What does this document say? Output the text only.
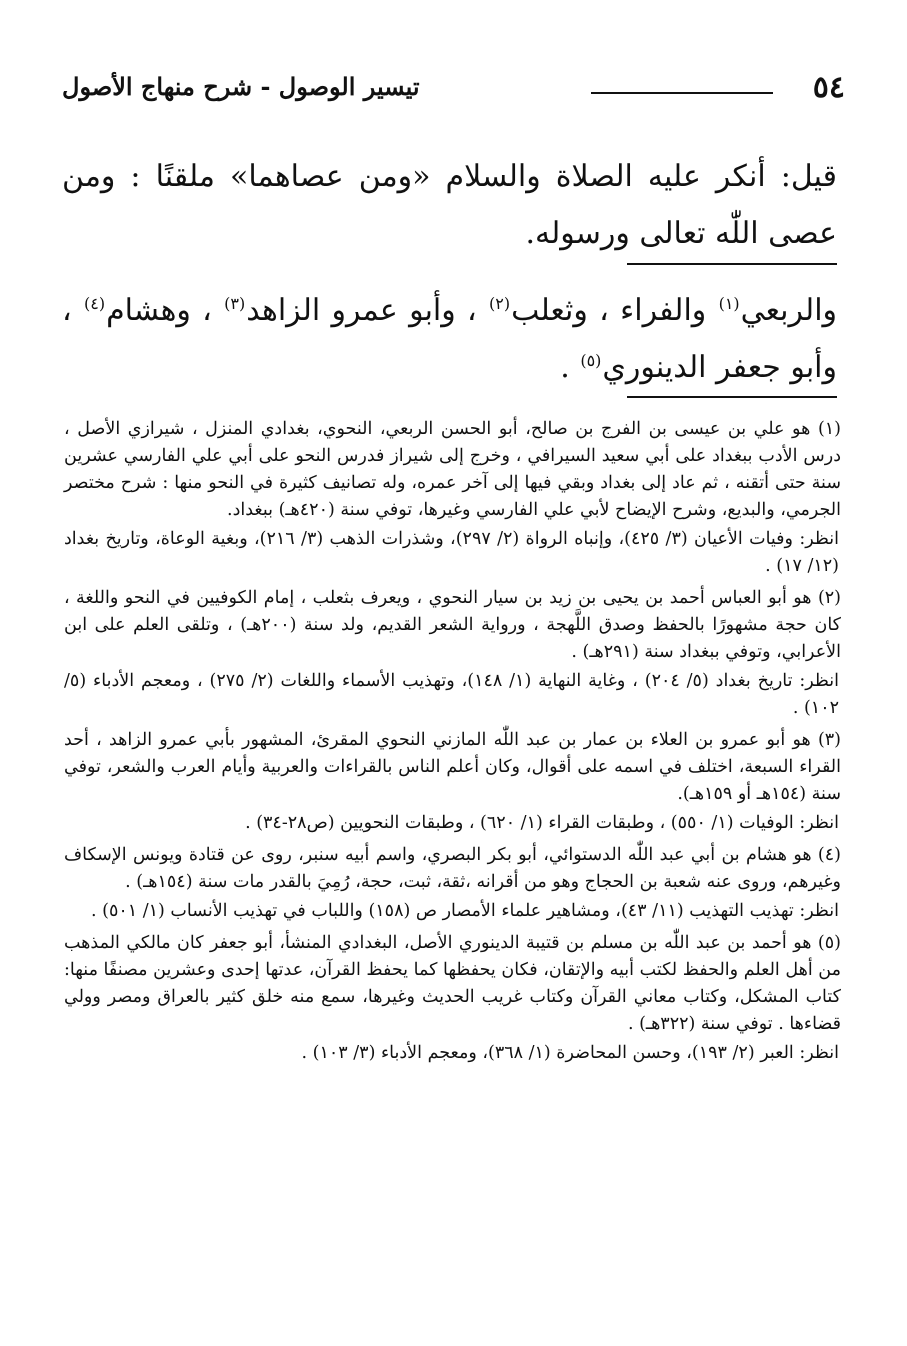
٥٤
تيسير الوصول - شرح منهاج الأصول
قيل: أنكر عليه الصلاة والسلام «ومن عصاهما» ملقنًا : ومن عصى اللّٰه تعالى ورسوله.
والربعي$^{(١)}$ والفراء ، وثعلب$^{(٢)}$ ، وأبو عمرو الزاهد$^{(٣)}$ ، وهشام$^{(٤)}$ ، وأبو جعفر الدينوري$^{(٥)}$ .
(١) هو علي بن عيسى بن الفرج بن صالح، أبو الحسن الربعي، النحوي، بغدادي المنزل ، شيرازي الأصل ، درس الأدب ببغداد على أبي سعيد السيرافي ، وخرج إلى شيراز فدرس النحو على أبي علي الفارسي عشرين سنة حتى أتقنه ، ثم عاد إلى بغداد وبقي فيها إلى آخر عمره، وله تصانيف كثيرة في النحو منها : شرح مختصر الجرمي، والبديع، وشرح الإيضاح لأبي علي الفارسي وغيرها، توفي سنة (٤٢٠هـ) ببغداد.
انظر: وفيات الأعيان (٣/ ٤٢٥)، وإنباه الرواة (٢/ ٢٩٧)، وشذرات الذهب (٣/ ٢١٦)، وبغية الوعاة، وتاريخ بغداد (١٢/ ١٧) .
(٢) هو أبو العباس أحمد بن يحيى بن زيد بن سيار النحوي ، ويعرف بثعلب ، إمام الكوفيين في النحو واللغة ، كان حجة مشهورًا بالحفظ وصدق اللَّهجة ، ورواية الشعر القديم، ولد سنة (٢٠٠هـ) ، وتلقى العلم على ابن الأعرابي، وتوفي ببغداد سنة (٢٩١هـ) .
انظر: تاريخ بغداد (٥/ ٢٠٤) ، وغاية النهاية (١/ ١٤٨)، وتهذيب الأسماء واللغات (٢/ ٢٧٥) ، ومعجم الأدباء (٥/ ١٠٢) .
(٣) هو أبو عمرو بن العلاء بن عمار بن عبد اللّٰه المازني النحوي المقرئ، المشهور بأبي عمرو الزاهد ، أحد القراء السبعة، اختلف في اسمه على أقوال، وكان أعلم الناس بالقراءات والعربية وأيام العرب والشعر، توفي سنة (١٥٤هـ أو ١٥٩هـ).
انظر: الوفيات (١/ ٥٥٠) ، وطبقات القراء (١/ ٦٢٠) ، وطبقات النحويين (ص٢٨-٣٤) .
(٤) هو هشام بن أبي عبد اللّٰه الدستوائي، أبو بكر البصري، واسم أبيه سنبر، روى عن قتادة ويونس الإسكاف وغيرهم، وروى عنه شعبة بن الحجاج وهو من أقرانه ،ثقة، ثبت، حجة، رُمِيَ بالقدر مات سنة (١٥٤هـ) .
انظر: تهذيب التهذيب (١١/ ٤٣)، ومشاهير علماء الأمصار ص (١٥٨) واللباب في تهذيب الأنساب (١/ ٥٠١) .
(٥) هو أحمد بن عبد اللّٰه بن مسلم بن قتيبة الدينوري الأصل، البغدادي المنشأ، أبو جعفر كان مالكي المذهب من أهل العلم والحفظ لكتب أبيه والإتقان، فكان يحفظها كما يحفظ القرآن، عدتها إحدى وعشرين مصنفًا منها: كتاب المشكل، وكتاب معاني القرآن وكتاب غريب الحديث وغيرها، سمع منه خلق كثير بالعراق ومصر وولي قضاءها . توفي سنة (٣٢٢هـ) .
انظر: العبر (٢/ ١٩٣)، وحسن المحاضرة (١/ ٣٦٨)، ومعجم الأدباء (٣/ ١٠٣) .
